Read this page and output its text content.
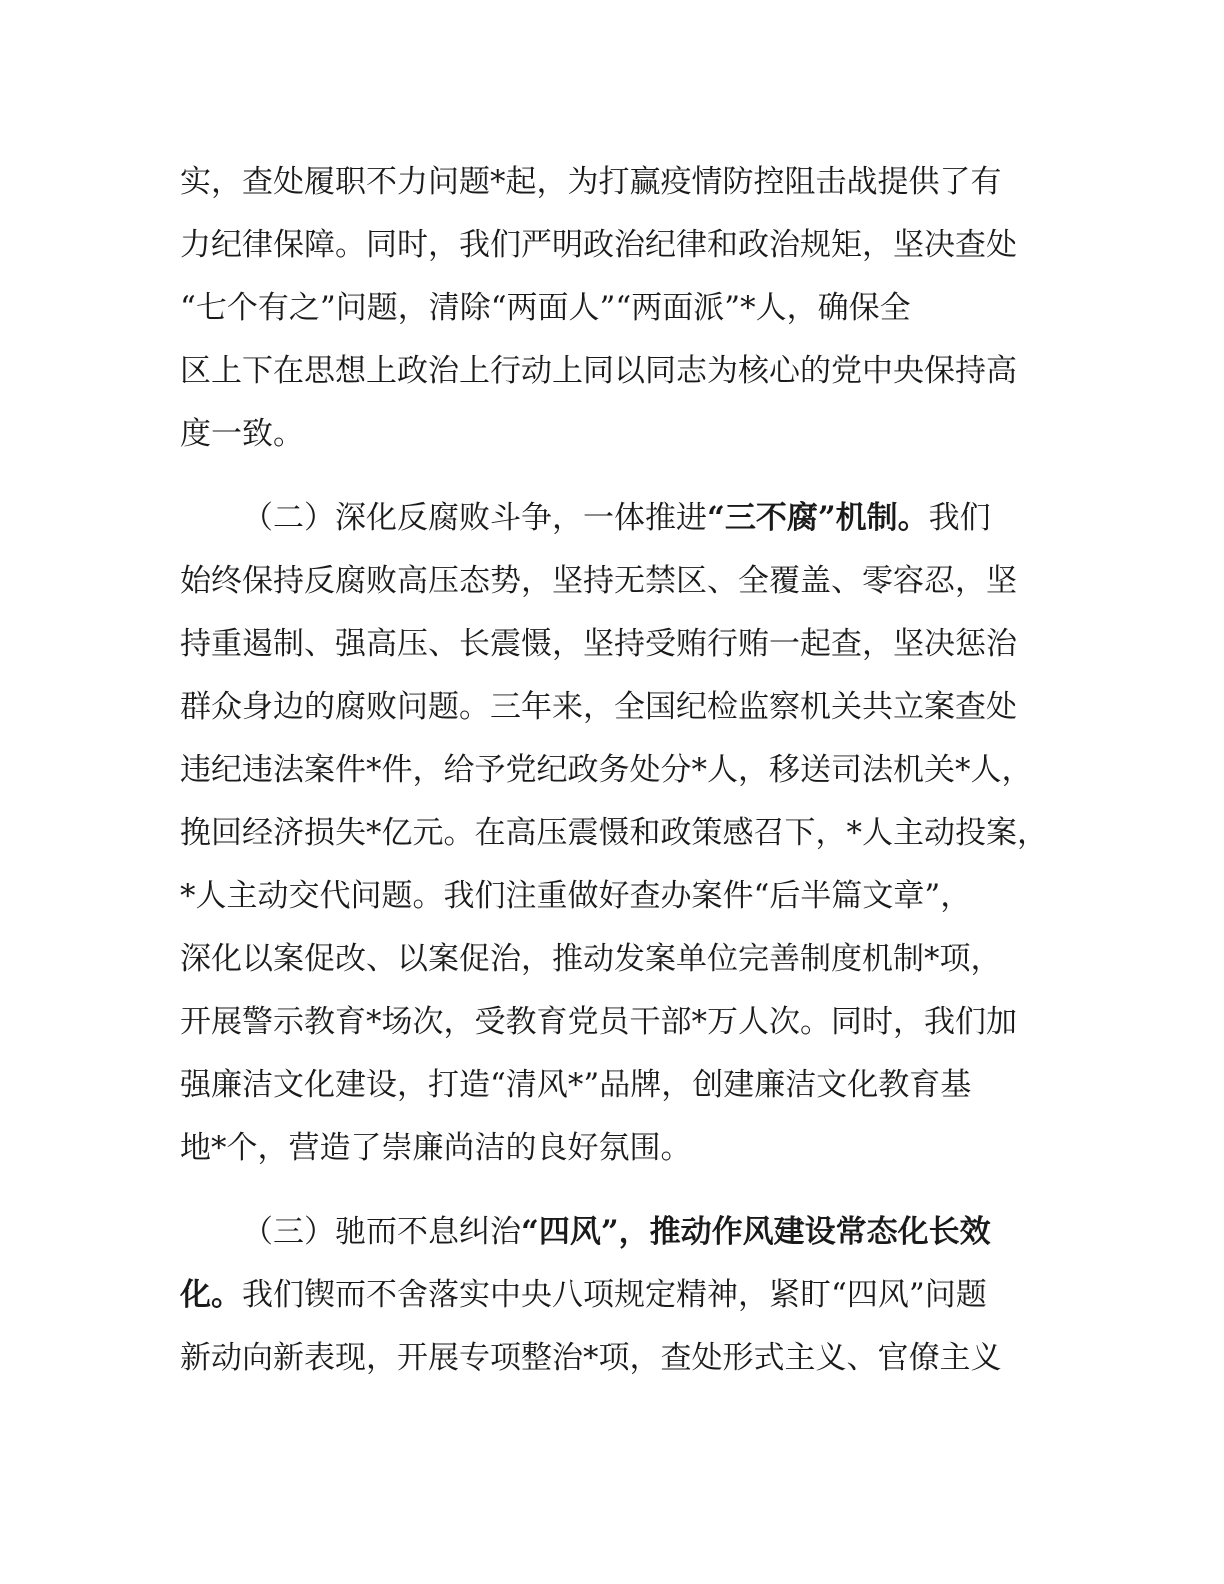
实，查处履职不力问题*起，为打赢疫情防控阻击战提供了有
力纪律保障。同时，我们严明政治纪律和政治规矩，坚决查处
“七个有之”问题，清除“两面人”“两面派”*人，确保全
区上下在思想上政治上行动上同以同志为核心的党中央保持高
度一致。
（二）深化反腐败斗争，一体推进“三不腐”机制。我们
始终保持反腐败高压态势，坚持无禁区、全覆盖、零容忍，坚
持重遏制、强高压、长震慑，坚持受贿行贿一起查，坚决惩治
群众身边的腐败问题。三年来，全国纪检监察机关共立案查处
违纪违法案件*件，给予党纪政务处分*人，移送司法机关*人，
挽回经济损失*亿元。在高压震慑和政策感召下，*人主动投案，
*人主动交代问题。我们注重做好查办案件“后半篇文章”，
深化以案促改、以案促治，推动发案单位完善制度机制*项，
开展警示教育*场次，受教育党员干部*万人次。同时，我们加
强廉洁文化建设，打造“清风*”品牌，创建廉洁文化教育基
地*个，营造了崇廉尚洁的良好氛围。
（三）驰而不息纠治“四风”，推动作风建设常态化长效
化。我们锲而不舍落实中央八项规定精神，紧盯“四风”问题
新动向新表现，开展专项整治*项，查处形式主义、官僚主义
